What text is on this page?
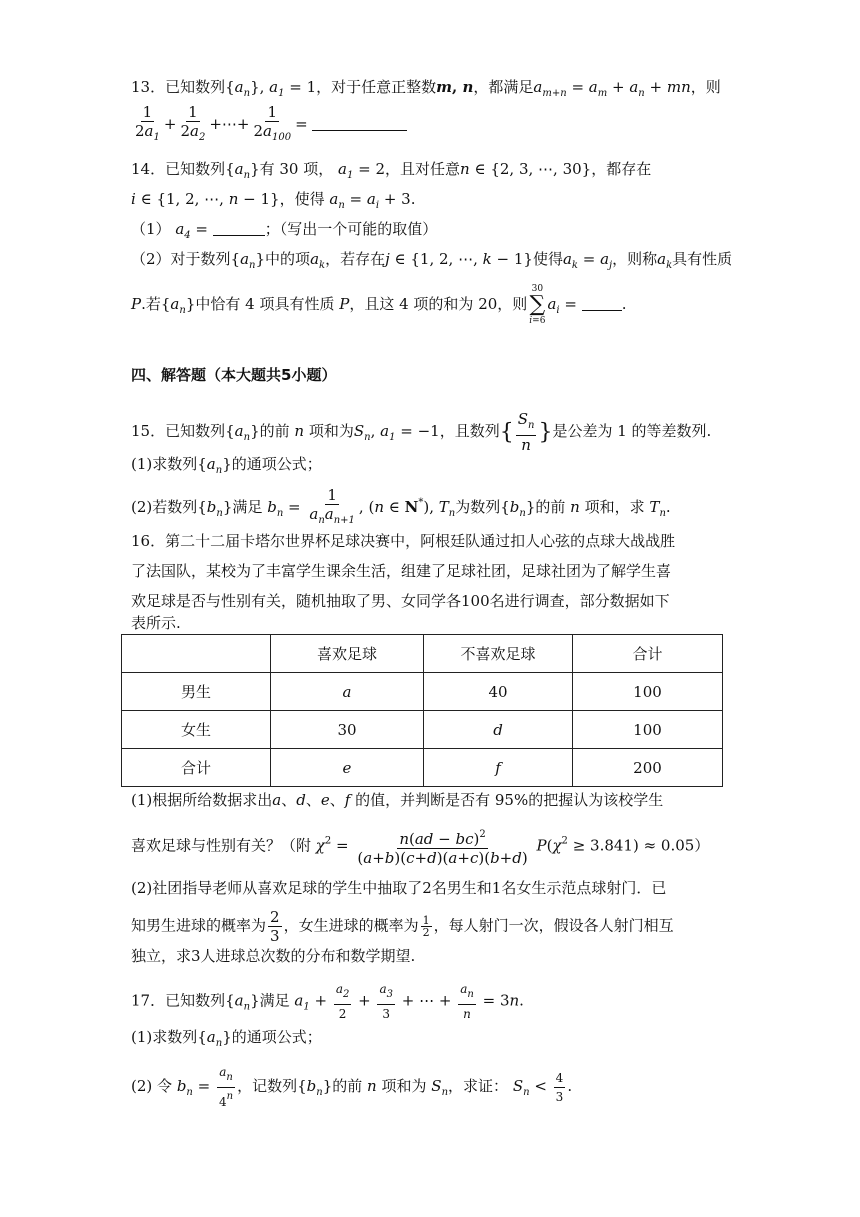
13．已知数列$\{a_n\}$, $a_1 = 1$，对于任意正整数m, n，都满足$a_{m+n} = a_m + a_n$ + mn，则
$\frac{1}{2a_1} + \frac{1}{2a_2}$ +⋯+ $\frac{1}{2a_{100}}$ =
14．已知数列$\{a_n\}$有 30 项， $a_1 = 2$，且对任意n ∈ {2, 3, ⋯, 30}，都存在
i ∈ {1, 2, ⋯, n − 1}，使得 $a_n = a_i + 3$.
（1） $a_4$ =	；（写出一个可能的取值）
（2）对于数列$\{a_n\}$中的项$a_k$，若存在j ∈ {1, 2, ⋯, k − 1}使得$a_k = a_j$，则称$a_k$具有性质
P.若$\{a_n\}$中恰有 4 项具有性质 P，且这 4 项的和为 20，则
30
∑
i=6
$a_i$ =	.
四、解答题（本大题共5小题）
15．已知数列$\{a_n\}$的前 n 项和为$S_n$, $a_1 = -1$，且数列{ $\frac{S_n}{n}$ }是公差为 1 的等差数列.
(1)求数列$\{a_n\}$的通项公式；
(2)若数列$\{b_n\}$满足 $b_n = \frac{1}{a_na_{n+1}}$ , (n ∈ N*), $T_n$为数列$\{b_n\}$的前 n 项和，求 $T_n$.
16．第二十二届卡塔尔世界杯足球决赛中，阿根廷队通过扣人心弦的点球大战战胜
了法国队，某校为了丰富学生课余生活，组建了足球社团，足球社团为了解学生喜
欢足球是否与性别有关，随机抽取了男、女同学各100名进行调查，部分数据如下
表所示.
	喜欢足球	不喜欢足球	合计
男生	a	40	100
女生	30	d	100
合计	e	f	200
(1)根据所给数据求出a、d、e、f 的值，并判断是否有 95%的把握认为该校学生
喜欢足球与性别有关？（附 $\chi^2 = \frac{n(ad - bc)^2}{(a+b)(c+d)(a+c)(b+d)} P(\chi^2 \ge 3.841) \approx 0.05$）
(2)社团指导老师从喜欢足球的学生中抽取了2名男生和1名女生示范点球射门．已
知男生进球的概率为 $\frac{2}{3}$ ，女生进球的概率为 $\frac{1}{2}$ ，每人射门一次，假设各人射门相互
独立，求3人进球总次数的分布和数学期望.
17．已知数列$\{a_n\}$满足 $a_1 + \frac{a_2}{2} + \frac{a_3}{3}$ + ⋯ + $\frac{a_n}{n} = 3n$.
(1)求数列$\{a_n\}$的通项公式；
(2) 令 $b_n = \frac{a_n}{4^n}$ ，记数列$\{b_n\}$的前 n 项和为 $S_n$，求证： $S_n < \frac{4}{3}$ .
